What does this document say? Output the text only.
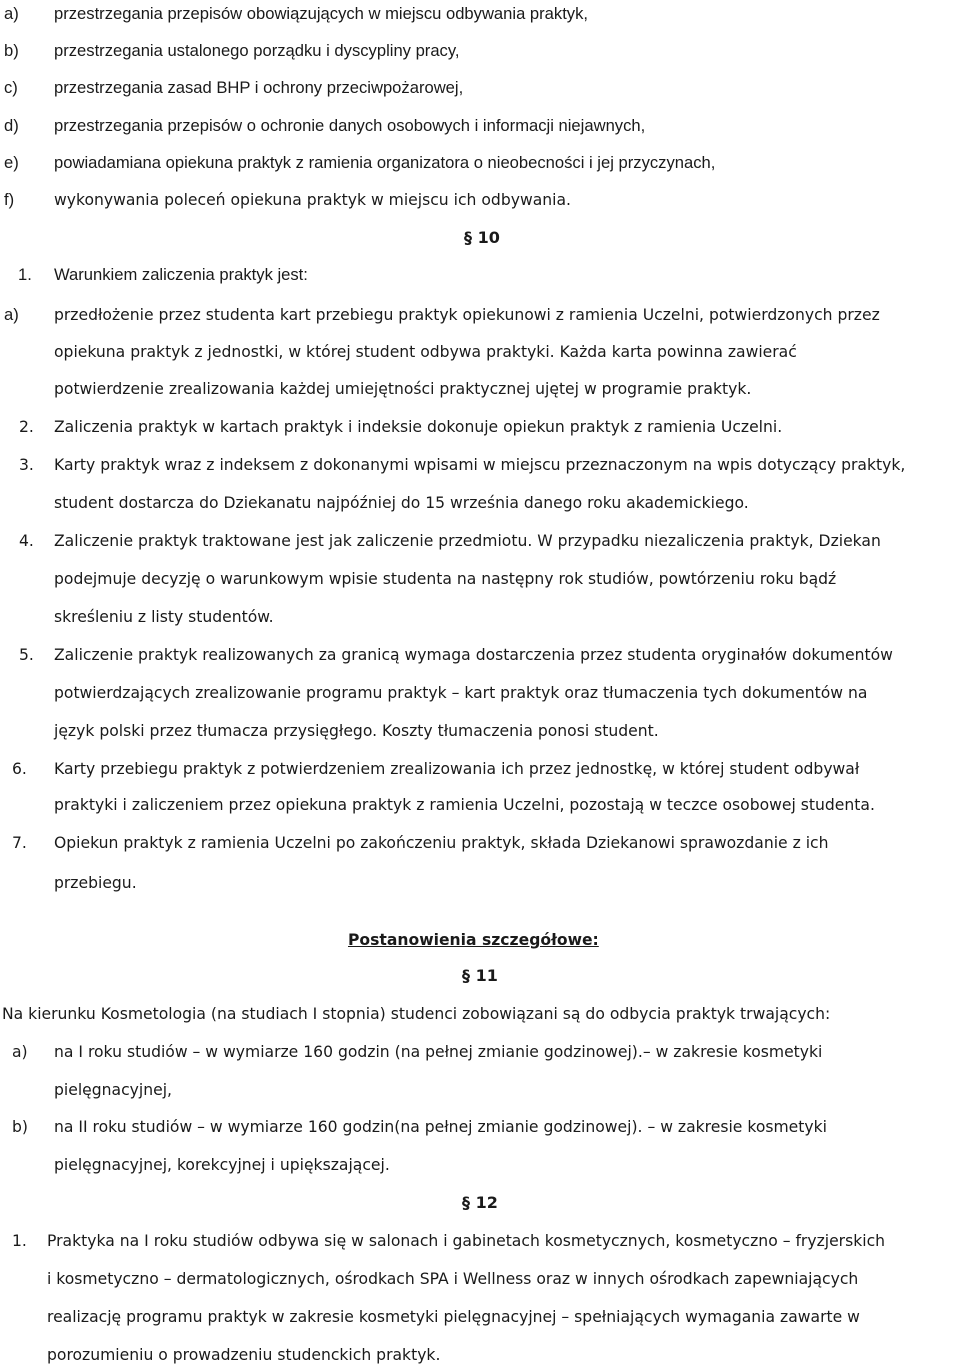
a) przestrzegania przepisów obowiązujących w miejscu odbywania praktyk,
b) przestrzegania ustalonego porządku i dyscypliny pracy,
c) przestrzegania zasad BHP i ochrony przeciwpożarowej,
d) przestrzegania przepisów o ochronie danych osobowych i informacji niejawnych,
e) powiadamiana opiekuna praktyk z ramienia organizatora o nieobecności i jej przyczynach,
f)	wykonywania poleceń opiekuna praktyk w miejscu ich odbywania.
§ 10
1. Warunkiem zaliczenia praktyk jest:
a) przedłożenie przez studenta kart przebiegu praktyk opiekunowi z ramienia Uczelni, potwierdzonych przez
opiekuna praktyk z jednostki, w której student odbywa praktyki. Każda karta powinna zawierać
potwierdzenie zrealizowania każdej umiejętności praktycznej ujętej w programie praktyk.
2. Zaliczenia praktyk w kartach praktyk i indeksie dokonuje opiekun praktyk z ramienia Uczelni.
3. Karty praktyk wraz z indeksem z dokonanymi wpisami w miejscu przeznaczonym na wpis dotyczący praktyk,
student dostarcza do Dziekanatu najpóźniej do 15 września danego roku akademickiego.
4. Zaliczenie praktyk traktowane jest jak zaliczenie przedmiotu. W przypadku niezaliczenia praktyk, Dziekan
podejmuje decyzję o warunkowym wpisie studenta na następny rok studiów, powtórzeniu roku bądź
skreśleniu z listy studentów.
5. Zaliczenie praktyk realizowanych za granicą wymaga dostarczenia przez studenta oryginałów dokumentów
potwierdzających zrealizowanie programu praktyk – kart praktyk oraz tłumaczenia tych dokumentów na
język polski przez tłumacza przysięgłego. Koszty tłumaczenia ponosi student.
6. Karty przebiegu praktyk z potwierdzeniem zrealizowania ich przez jednostkę, w której student odbywał
praktyki i zaliczeniem przez opiekuna praktyk z ramienia Uczelni, pozostają w teczce osobowej studenta.
7. Opiekun praktyk z ramienia Uczelni po zakończeniu praktyk, składa Dziekanowi sprawozdanie z ich
przebiegu.
Postanowienia szczegółowe:
§ 11
Na kierunku Kosmetologia (na studiach I stopnia) studenci zobowiązani są do odbycia praktyk trwających:
a) na I roku studiów – w wymiarze 160 godzin (na pełnej zmianie godzinowej).– w zakresie kosmetyki
pielęgnacyjnej,
b) na II roku studiów – w wymiarze 160 godzin(na pełnej zmianie godzinowej). – w zakresie kosmetyki
pielęgnacyjnej, korekcyjnej i upiększającej.
§ 12
1. Praktyka na I roku studiów odbywa się w salonach i gabinetach kosmetycznych, kosmetyczno – fryzjerskich
i kosmetyczno – dermatologicznych, ośrodkach SPA i Wellness oraz w innych ośrodkach zapewniających
realizację programu praktyk w zakresie kosmetyki pielęgnacyjnej – spełniających wymagania zawarte w
porozumieniu o prowadzeniu studenckich praktyk.
